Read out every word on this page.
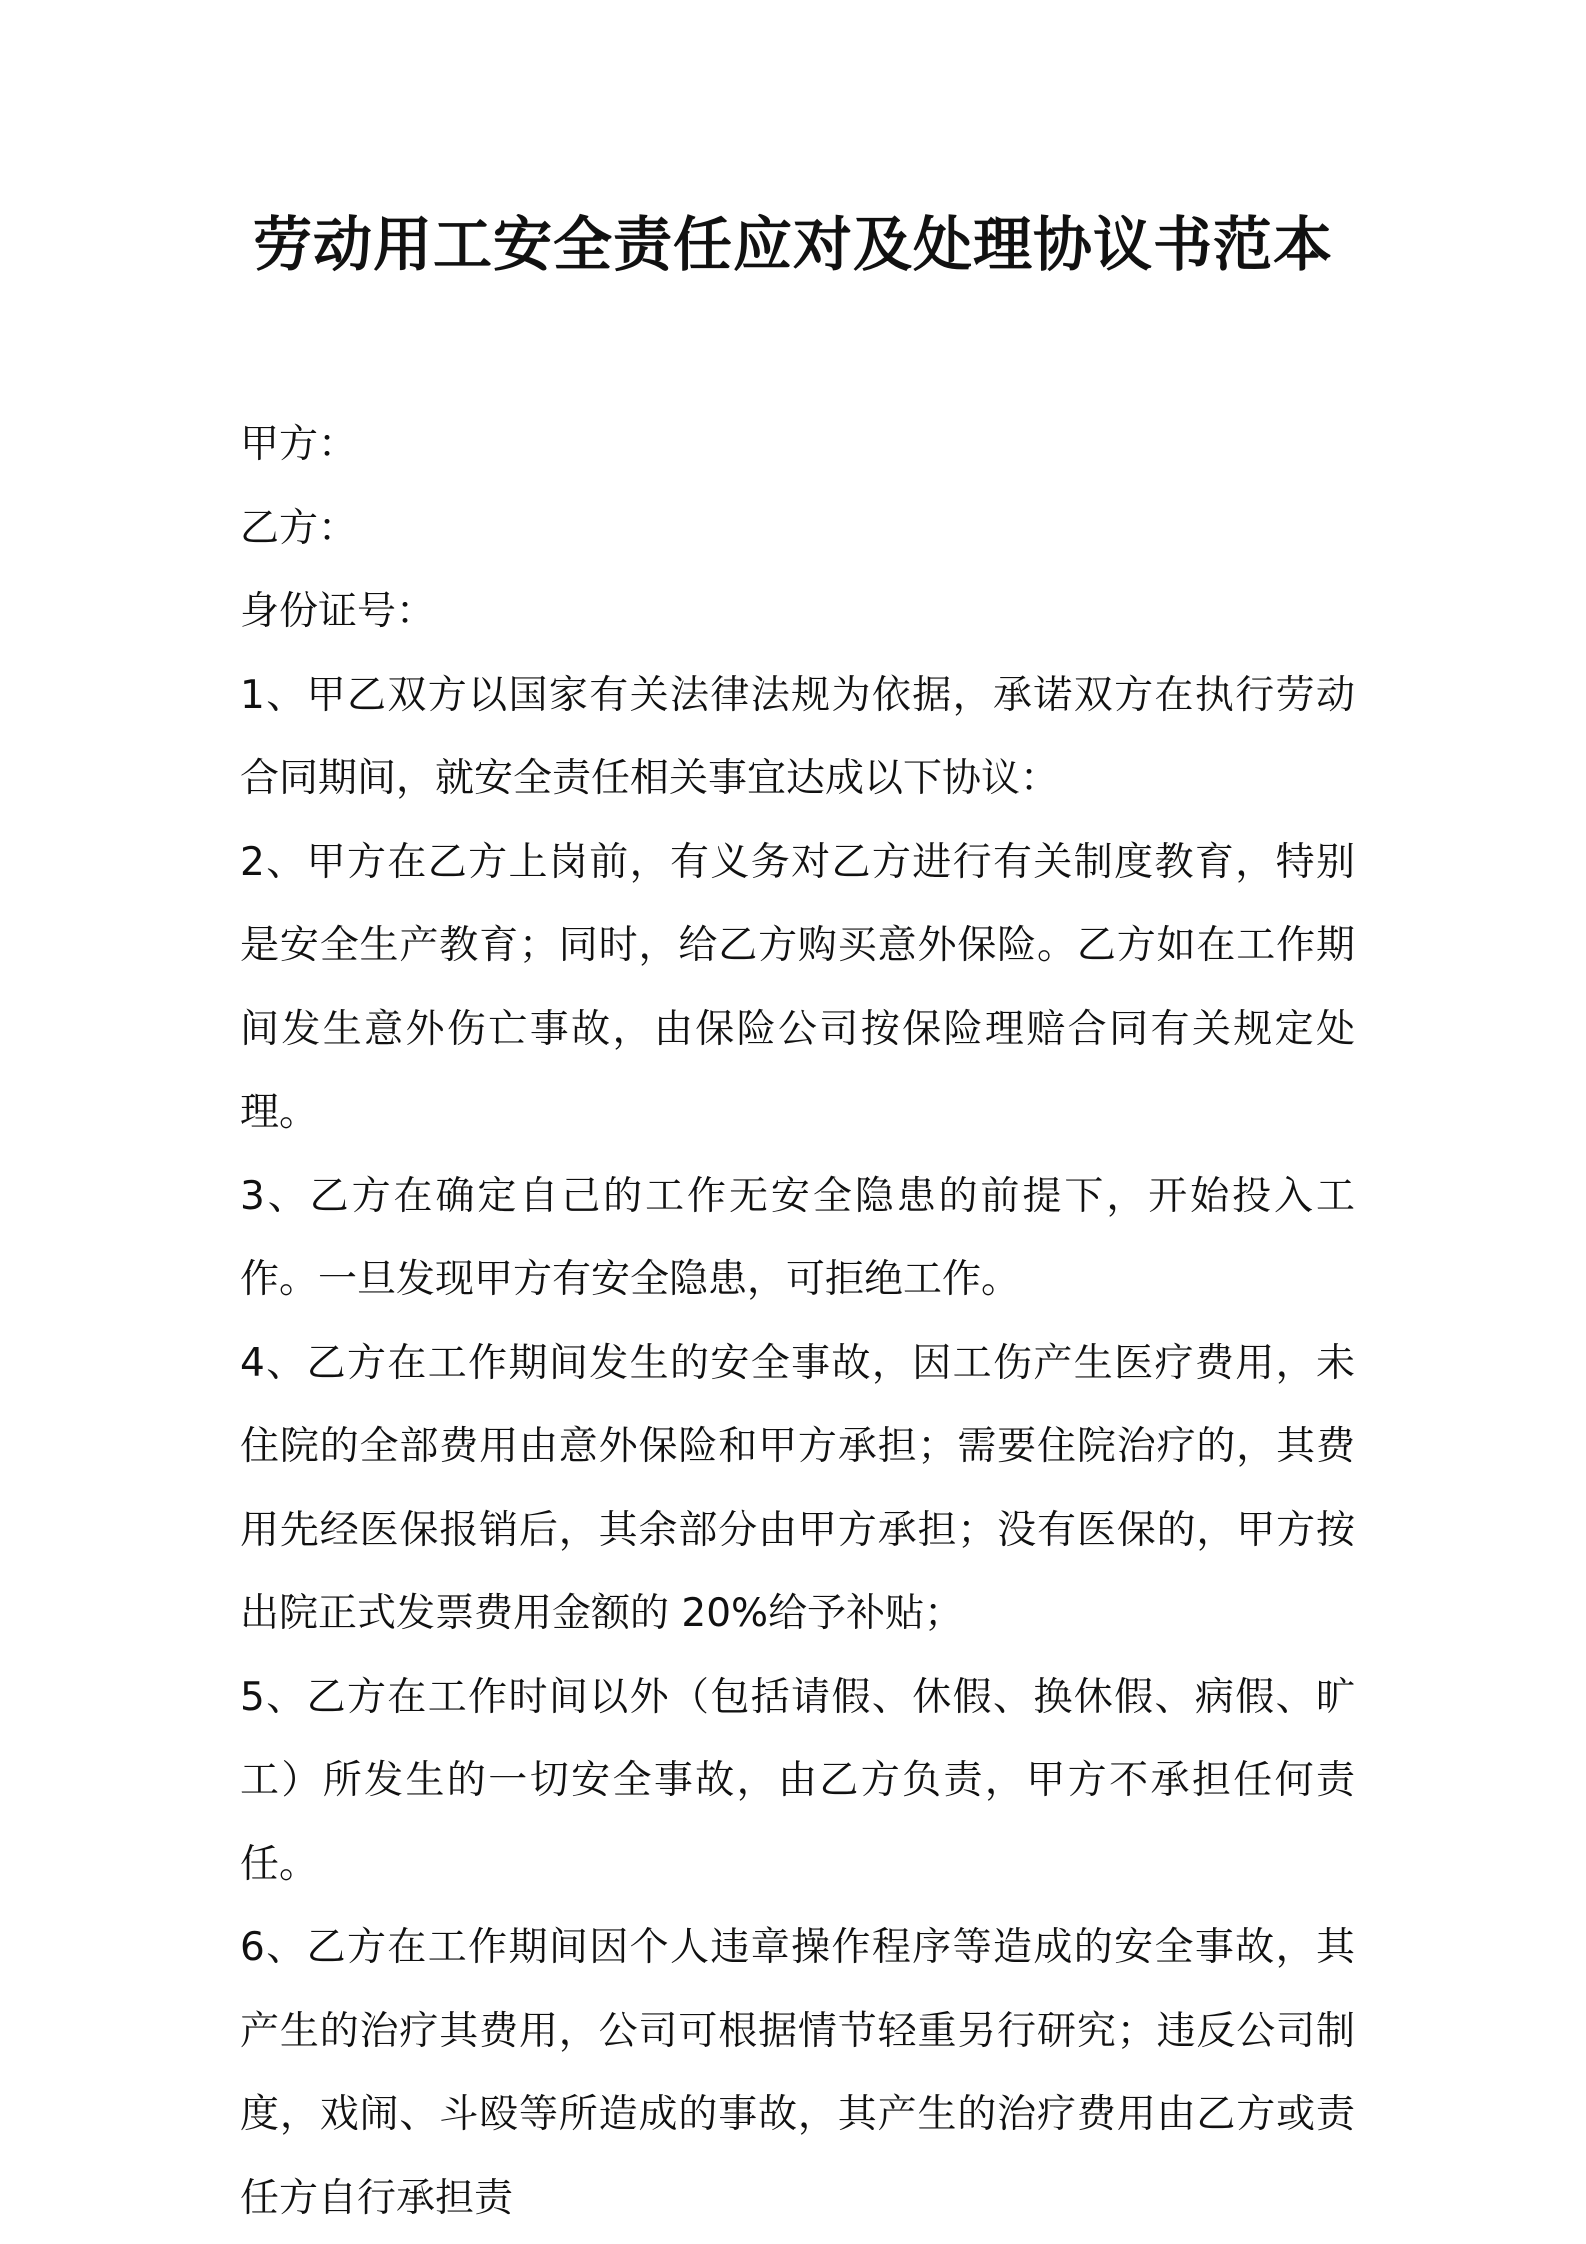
劳动用工安全责任应对及处理协议书范本

甲方：

乙方：

身份证号：

1、甲乙双方以国家有关法律法规为依据，承诺双方在执行劳动合同期间，就安全责任相关事宜达成以下协议：

2、甲方在乙方上岗前，有义务对乙方进行有关制度教育，特别是安全生产教育；同时，给乙方购买意外保险。乙方如在工作期间发生意外伤亡事故，由保险公司按保险理赔合同有关规定处理。

3、乙方在确定自己的工作无安全隐患的前提下，开始投入工作。一旦发现甲方有安全隐患，可拒绝工作。

4、乙方在工作期间发生的安全事故，因工伤产生医疗费用，未住院的全部费用由意外保险和甲方承担；需要住院治疗的，其费用先经医保报销后，其余部分由甲方承担；没有医保的，甲方按出院正式发票费用金额的 20%给予补贴；

5、乙方在工作时间以外（包括请假、休假、换休假、病假、旷工）所发生的一切安全事故，由乙方负责，甲方不承担任何责任。

6、乙方在工作期间因个人违章操作程序等造成的安全事故，其产生的治疗其费用，公司可根据情节轻重另行研究；违反公司制度，戏闹、斗殴等所造成的事故，其产生的治疗费用由乙方或责任方自行承担责
